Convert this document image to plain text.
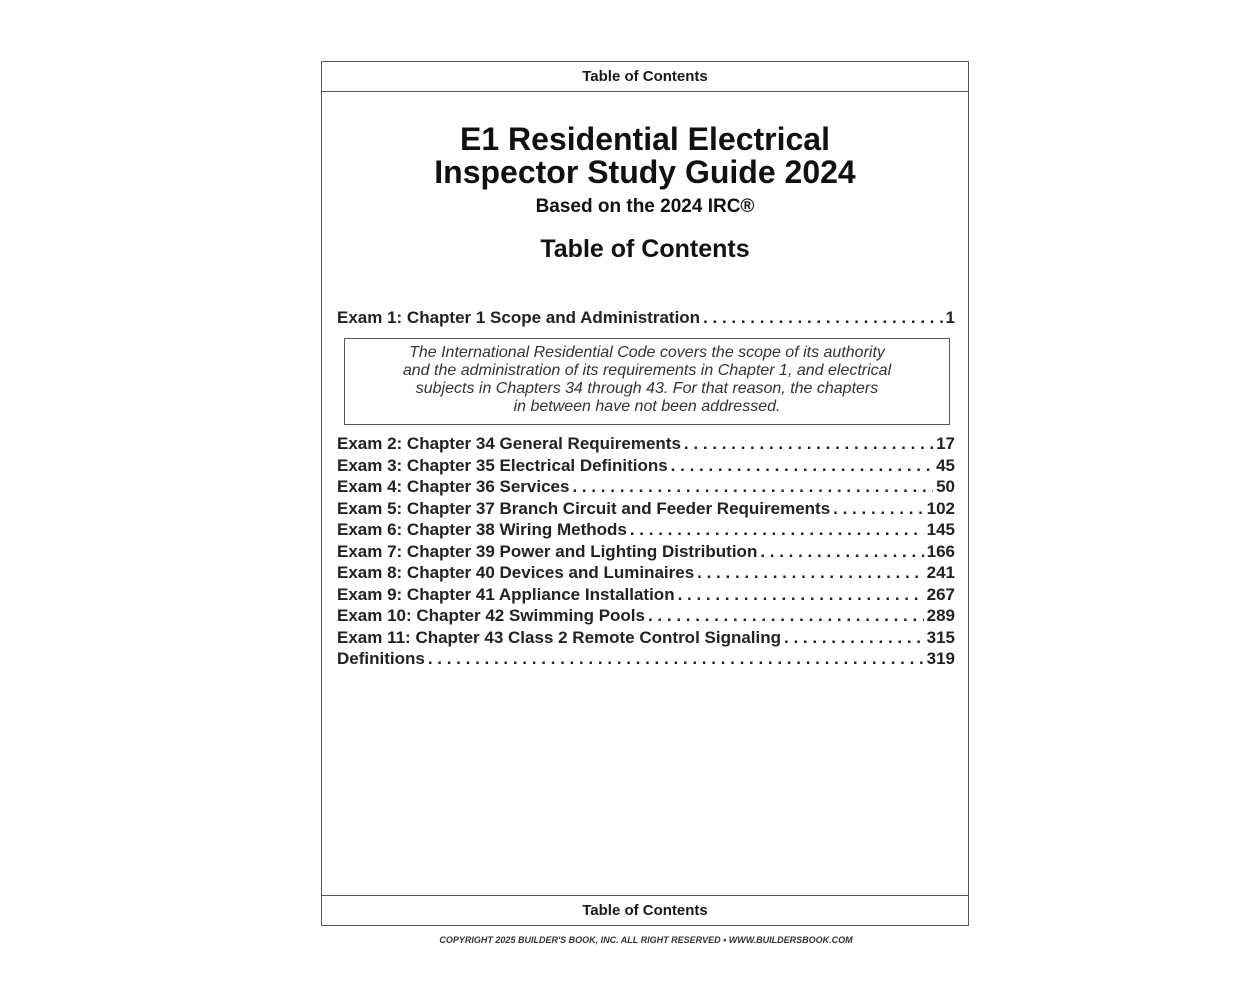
Table of Contents
E1 Residential Electrical
Inspector Study Guide 2024
Based on the 2024 IRC®
Table of Contents
Exam 1: Chapter 1 Scope and Administration . . .	1
The International Residential Code covers the scope of its authority
and the administration of its requirements in Chapter 1, and electrical
subjects in Chapters 34 through 43. For that reason, the chapters
in between have not been addressed.
Exam 2: Chapter 34 General Requirements . . .	17
Exam 3: Chapter 35 Electrical Definitions . . .	45
Exam 4: Chapter 36 Services . . .	50
Exam 5: Chapter 37 Branch Circuit and Feeder Requirements . . .	102
Exam 6: Chapter 38 Wiring Methods . . .	145
Exam 7: Chapter 39 Power and Lighting Distribution . . .	166
Exam 8: Chapter 40 Devices and Luminaires . . .	241
Exam 9: Chapter 41 Appliance Installation . . .	267
Exam 10: Chapter 42 Swimming Pools . . .	289
Exam 11: Chapter 43 Class 2 Remote Control Signaling . . .	315
Definitions . . .	319
Table of Contents
COPYRIGHT 2025 BUILDER'S BOOK, INC. ALL RIGHT RESERVED • WWW.BUILDERSBOOK.COM
